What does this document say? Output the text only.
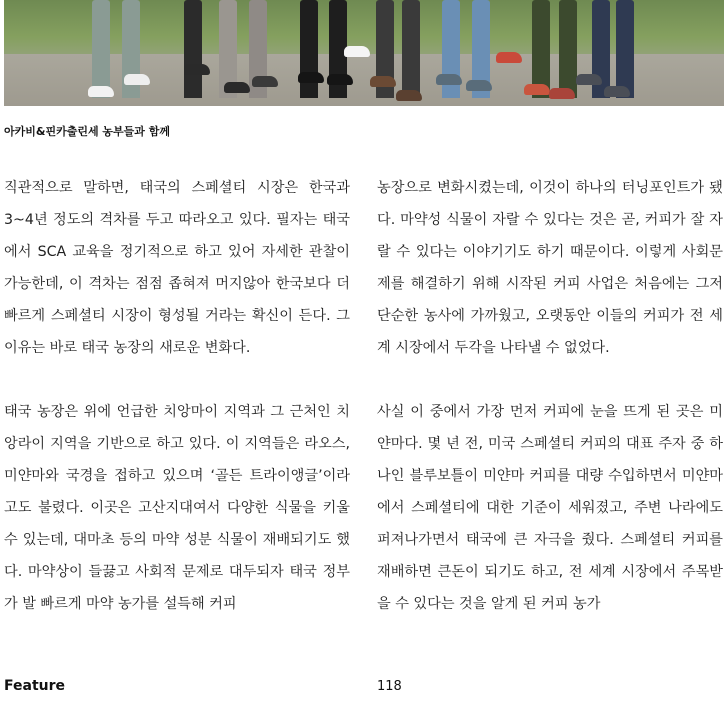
아카비&핀카출린세 농부들과 함께

직관적으로 말하면, 태국의 스페셜티 시장은 한국과 3~4년 정도의 격차를 두고 따라오고 있다. 필자는 태국에서 SCA 교육을 정기적으로 하고 있어 자세한 관찰이 가능한데, 이 격차는 점점 좁혀져 머지않아 한국보다 더 빠르게 스페셜티 시장이 형성될 거라는 확신이 든다. 그 이유는 바로 태국 농장의 새로운 변화다.

태국 농장은 위에 언급한 치앙마이 지역과 그 근처인 치앙라이 지역을 기반으로 하고 있다. 이 지역들은 라오스, 미얀마와 국경을 접하고 있으며 ‘골든 트라이앵글’이라고도 불렸다. 이곳은 고산지대여서 다양한 식물을 키울 수 있는데, 대마초 등의 마약 성분 식물이 재배되기도 했다. 마약상이 들끓고 사회적 문제로 대두되자 태국 정부가 발 빠르게 마약 농가를 설득해 커피

농장으로 변화시켰는데, 이것이 하나의 터닝포인트가 됐다. 마약성 식물이 자랄 수 있다는 것은 곧, 커피가 잘 자랄 수 있다는 이야기기도 하기 때문이다. 이렇게 사회문제를 해결하기 위해 시작된 커피 사업은 처음에는 그저 단순한 농사에 가까웠고, 오랫동안 이들의 커피가 전 세계 시장에서 두각을 나타낼 수 없었다.

사실 이 중에서 가장 먼저 커피에 눈을 뜨게 된 곳은 미얀마다. 몇 년 전, 미국 스페셜티 커피의 대표 주자 중 하나인 블루보틀이 미얀마 커피를 대량 수입하면서 미얀마에서 스페셜티에 대한 기준이 세워졌고, 주변 나라에도 퍼져나가면서 태국에 큰 자극을 줬다. 스페셜티 커피를 재배하면 큰돈이 되기도 하고, 전 세계 시장에서 주목받을 수 있다는 것을 알게 된 커피 농가

Feature	118
